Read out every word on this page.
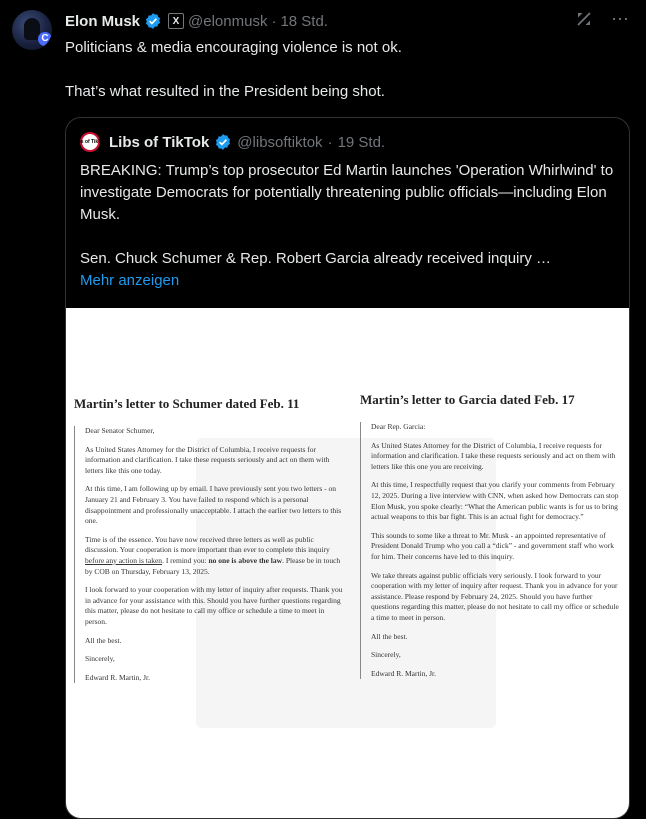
C
Elon Musk	X @elonmusk · 18 Std.	⋯

Politicians & media encouraging violence is not ok.

That’s what resulted in the President being shot.

Libs of TikTok Libs of TikTok @libsoftiktok · 19 Std.

BREAKING: Trump’s top prosecutor Ed Martin launches 'Operation Whirlwind' to investigate Democrats for potentially threatening public officials—including Elon Musk.

Sen. Chuck Schumer & Rep. Robert Garcia already received inquiry …

Mehr anzeigen
Martin’s letter to Schumer dated Feb. 11

Dear Senator Schumer,

As United States Attorney for the District of Columbia, I receive requests for information and clarification. I take these requests seriously and act on them with letters like this one today.

At this time, I am following up by email. I have previously sent you two letters - on January 21 and February 3. You have failed to respond which is a personal disappointment and professionally unacceptable. I attach the earlier two letters to this one.

Time is of the essence. You have now received three letters as well as public discussion. Your cooperation is more important than ever to complete this inquiry before any action is taken. I remind you: no one is above the law. Please be in touch by COB on Thursday, February 13, 2025.

I look forward to your cooperation with my letter of inquiry after requests. Thank you in advance for your assistance with this. Should you have further questions regarding this matter, please do not hesitate to call my office or schedule a time to meet in person.

All the best.

Sincerely,

Edward R. Martin, Jr.

Martin’s letter to Garcia dated Feb. 17

Dear Rep. Garcia:

As United States Attorney for the District of Columbia, I receive requests for information and clarification. I take these requests seriously and act on them with letters like this one you are receiving.

At this time, I respectfully request that you clarify your comments from February 12, 2025. During a live interview with CNN, when asked how Democrats can stop Elon Musk, you spoke clearly: “What the American public wants is for us to bring actual weapons to this bar fight. This is an actual fight for democracy.”

This sounds to some like a threat to Mr. Musk - an appointed representative of President Donald Trump who you call a “dick” - and government staff who work for him. Their concerns have led to this inquiry.

We take threats against public officials very seriously. I look forward to your cooperation with my letter of inquiry after request. Thank you in advance for your assistance. Please respond by February 24, 2025. Should you have further questions regarding this matter, please do not hesitate to call my office or schedule a time to meet in person.

All the best.

Sincerely,

Edward R. Martin, Jr.
